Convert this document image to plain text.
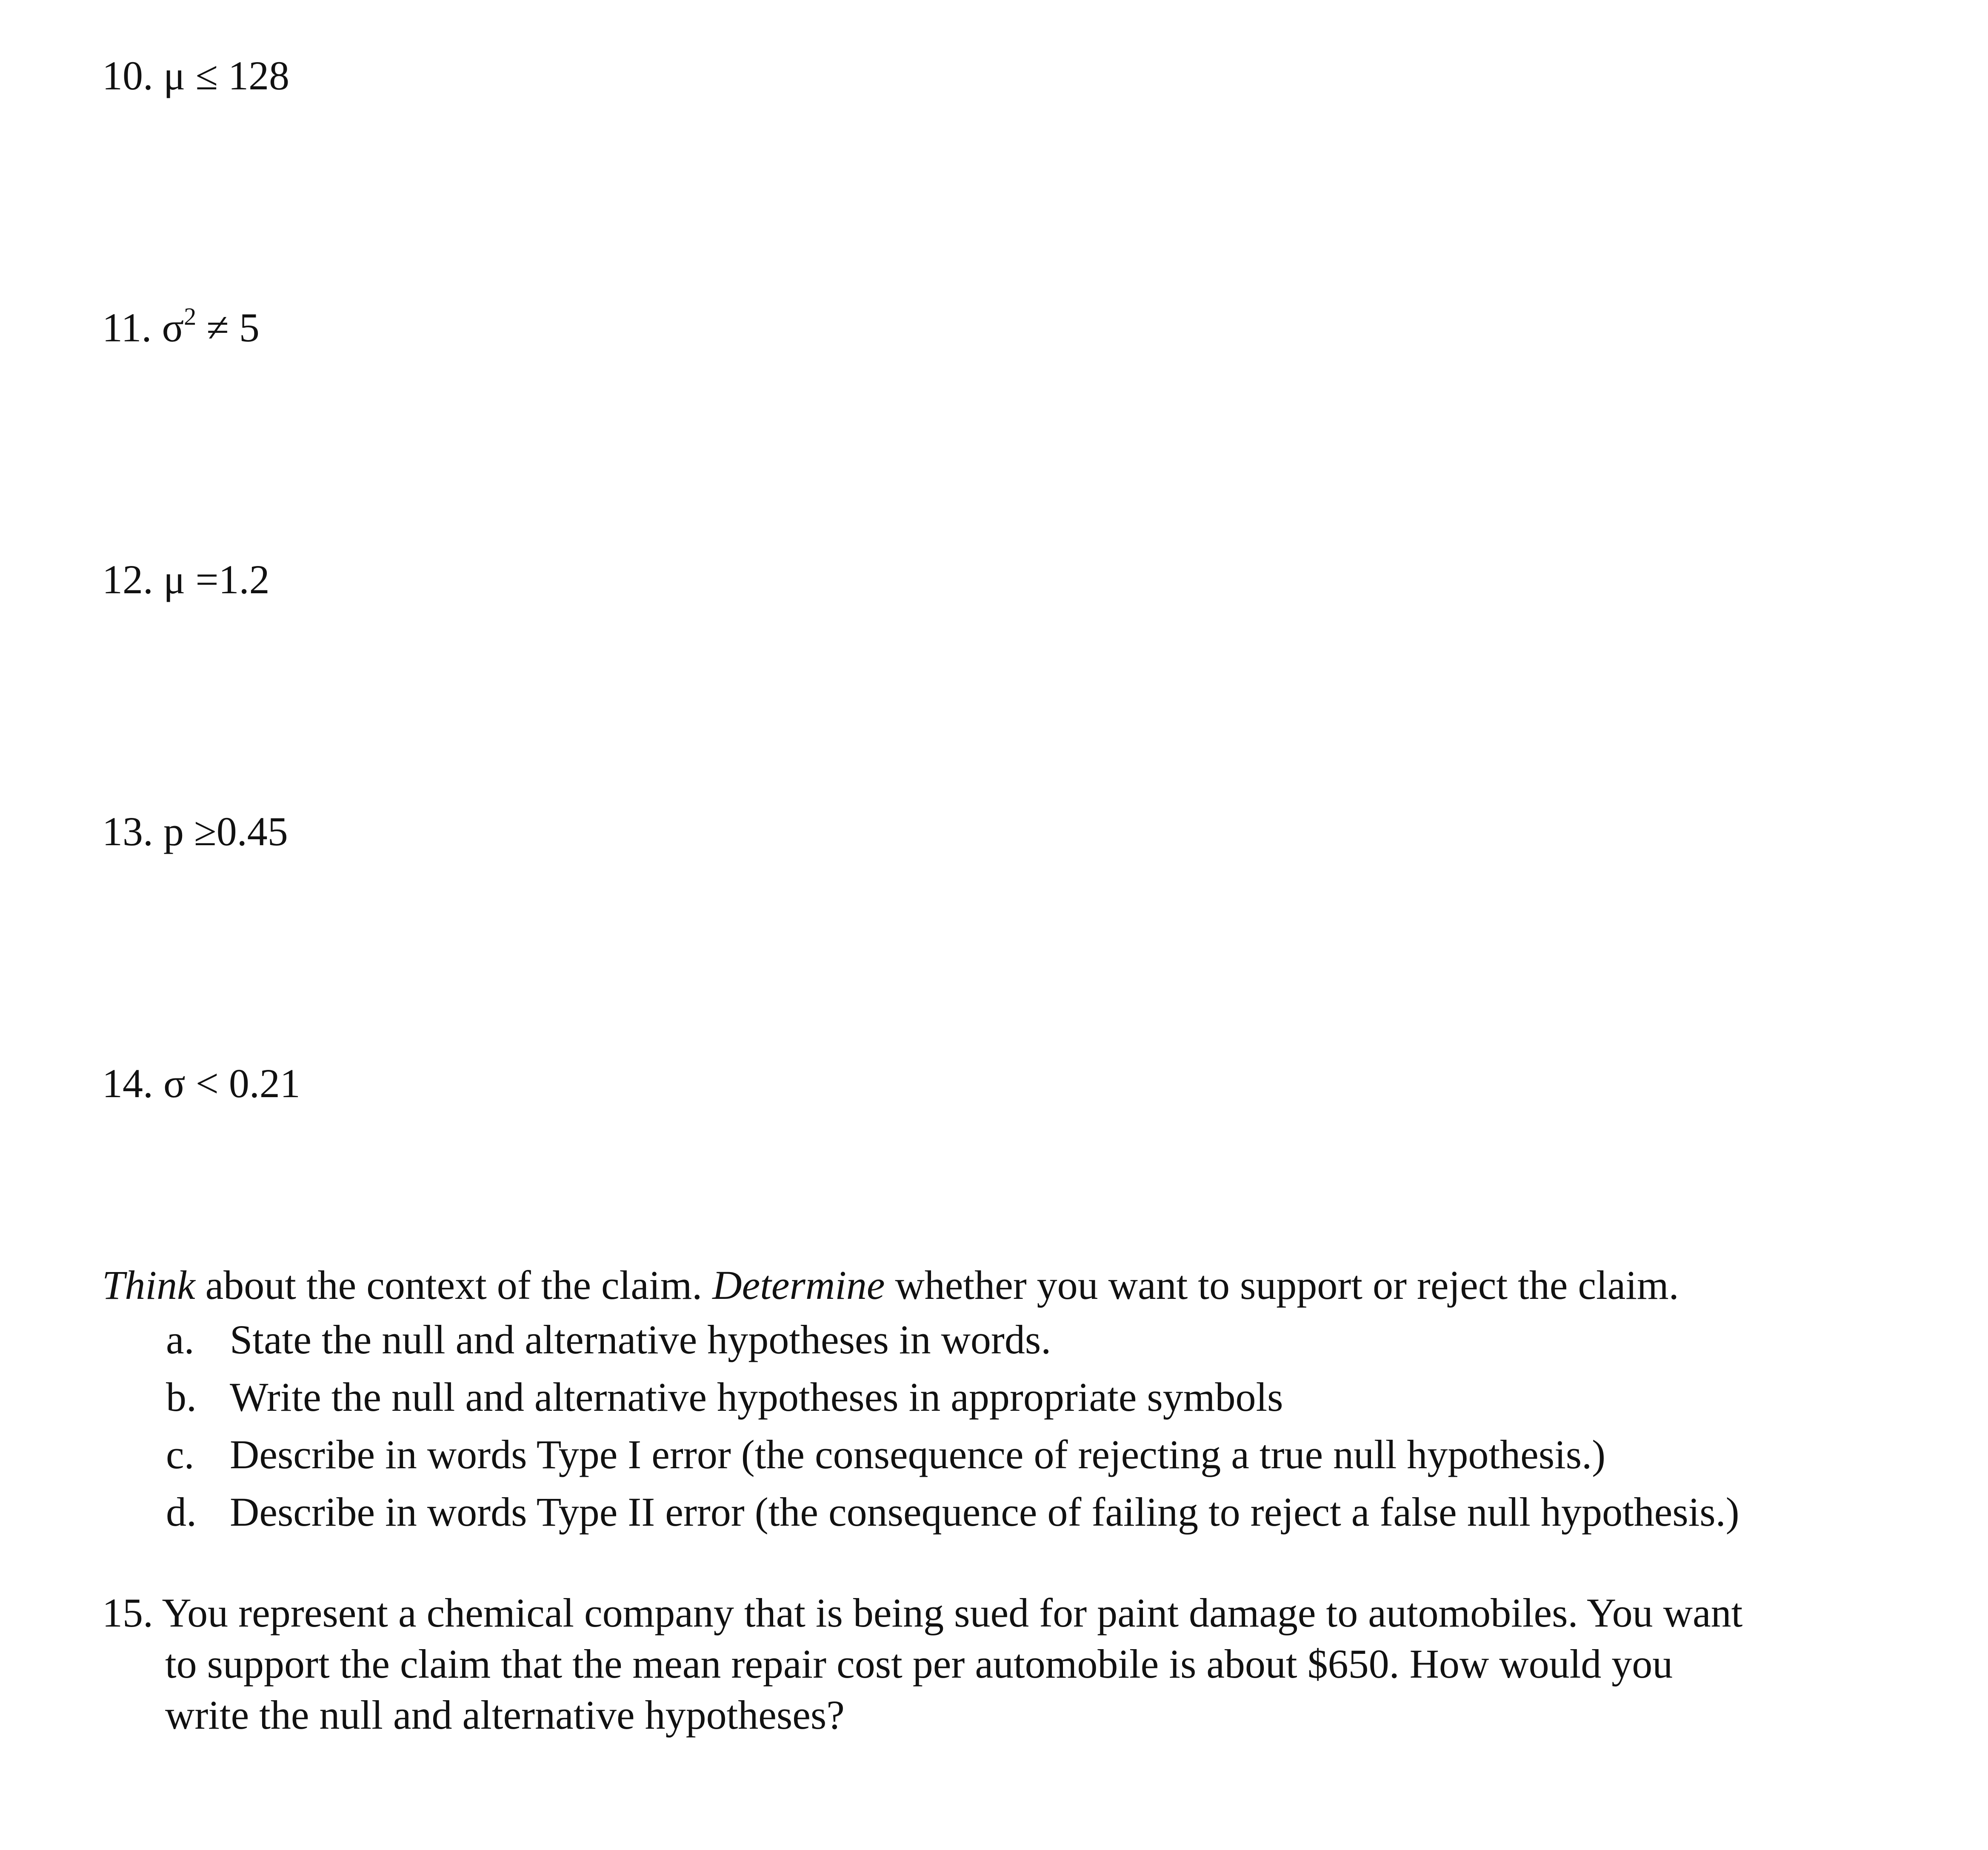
10. μ ≤ 128
11. $\sigma^2 \ne 5$
12. μ =1.2
13. p ≥0.45
14. σ < 0.21
Think about the context of the claim. Determine whether you want to support or reject the claim.
a. State the null and alternative hypotheses in words.
b. Write the null and alternative hypotheses in appropriate symbols
c. Describe in words Type I error (the consequence of rejecting a true null hypothesis.)
d. Describe in words Type II error (the consequence of failing to reject a false null hypothesis.)
15. You represent a chemical company that is being sued for paint damage to automobiles. You want
to support the claim that the mean repair cost per automobile is about $650. How would you
write the null and alternative hypotheses?
